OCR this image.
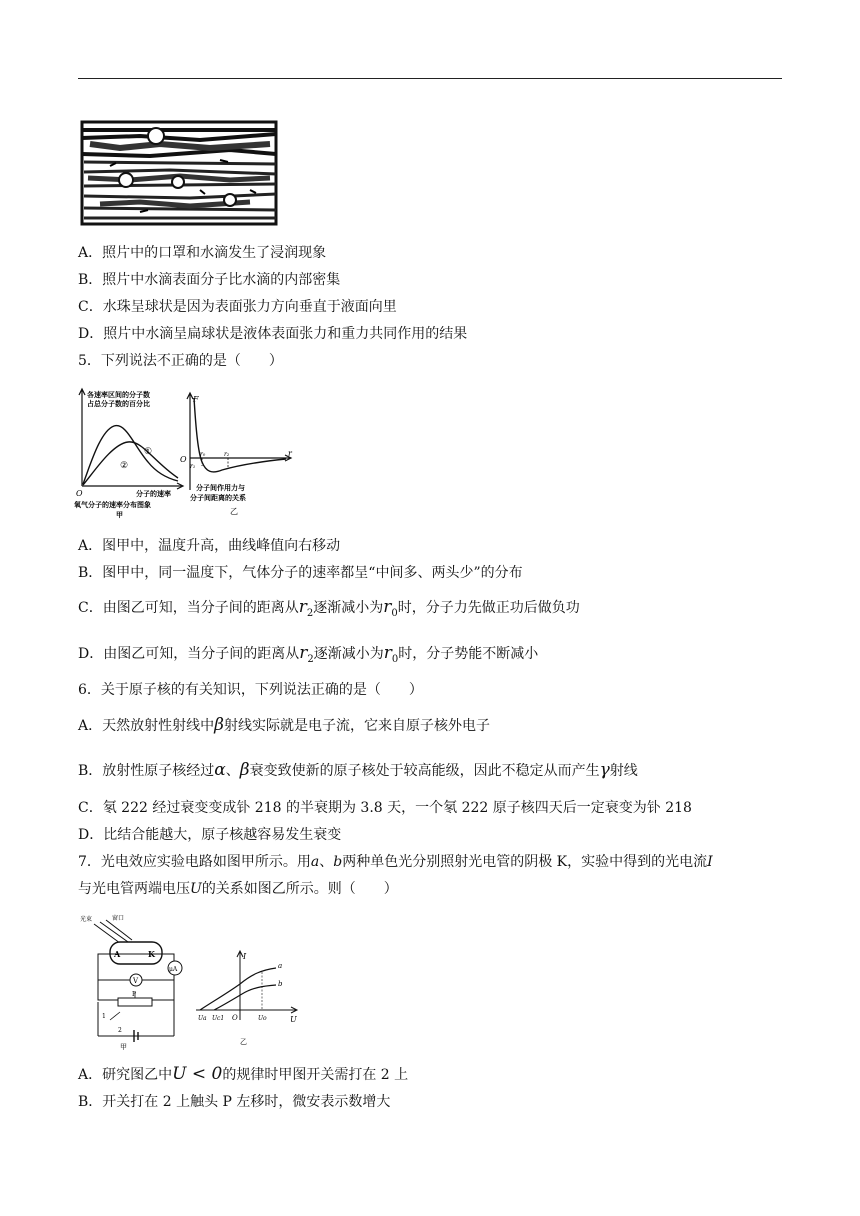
A．照片中的口罩和水滴发生了浸润现象
B．照片中水滴表面分子比水滴的内部密集
C．水珠呈球状是因为表面张力方向垂直于液面向里
D．照片中水滴呈扁球状是液体表面张力和重力共同作用的结果
5．下列说法不正确的是（　　）
各速率区间的分子数
占总分子数的百分比
①
②
O	分子的速率
氧气分子的速率分布图象
甲
F
r
O
r₁
r₀	r₂
分子间作用力与
分子间距离的关系
乙
A．图甲中，温度升高，曲线峰值向右移动
B．图甲中，同一温度下，气体分子的速率都呈“中间多、两头少”的分布
C．由图乙可知，当分子间的距离从$r_2$逐渐减小为$r_0$时，分子力先做正功后做负功
D．由图乙可知，当分子间的距离从$r_2$逐渐减小为$r_0$时，分子势能不断减小
6．关于原子核的有关知识，下列说法正确的是（　　）
A．天然放射性射线中β射线实际就是电子流，它来自原子核外电子
B．放射性原子核经过α、β衰变致使新的原子核处于较高能级，因此不稳定从而产生γ射线
C．氡 222 经过衰变变成钋 218 的半衰期为 3.8 天，一个氡 222 原子核四天后一定衰变为钋 218
D．比结合能越大，原子核越容易发生衰变
7．光电效应实验电路如图甲所示。用a、b两种单色光分别照射光电管的阴极 K，实验中得到的光电流I
与光电管两端电压U的关系如图乙所示。则（　　）
光束	窗口
A	K
μA
V
P
1
2
甲
I
U
O
a
b
Ua Uc1	Uo
乙
A．研究图乙中U < 0的规律时甲图开关需打在 2 上
B．开关打在 2 上触头 P 左移时，微安表示数增大
